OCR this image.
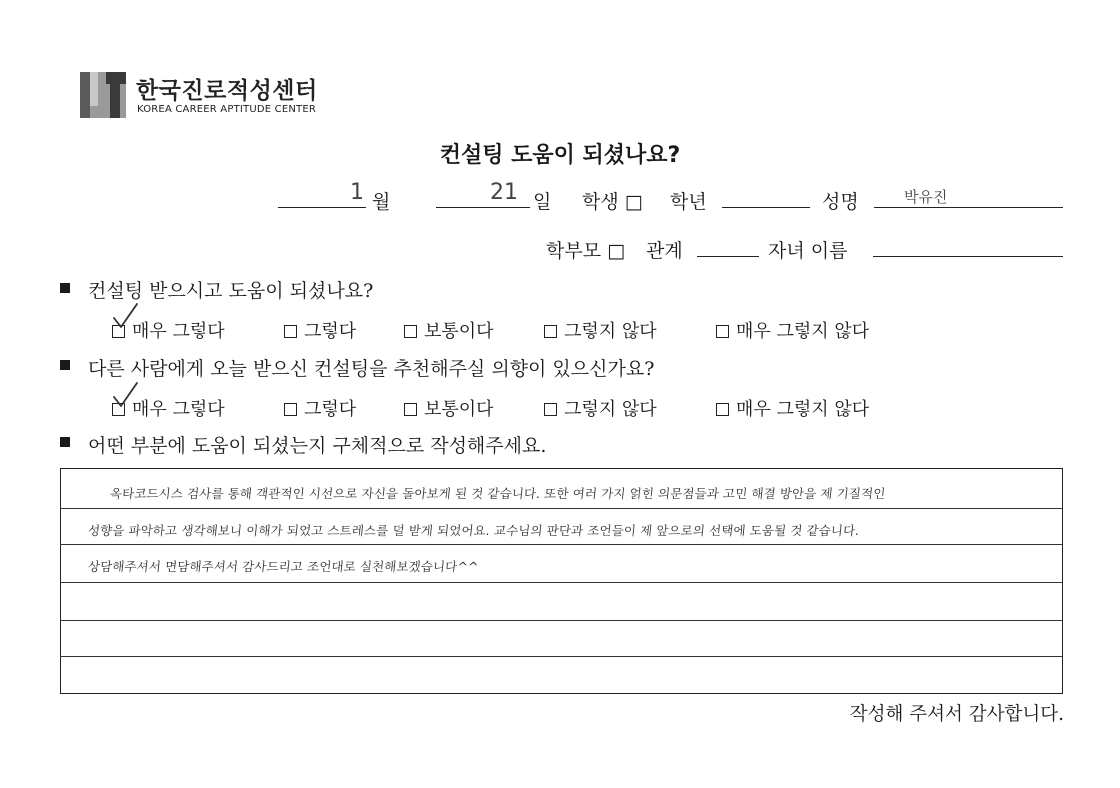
한국진로적성센터
KOREA CAREER APTITUDE CENTER
컨설팅 도움이 되셨나요?
1 월	21 일 학생 □ 학년	성명	박유진
학부모 □ 관계	자녀 이름
컨설팅 받으시고 도움이 되셨나요?
매우 그렇다	그렇다	보통이다	그렇지 않다	매우 그렇지 않다
다른 사람에게 오늘 받으신 컨설팅을 추천해주실 의향이 있으신가요?
매우 그렇다	그렇다	보통이다	그렇지 않다	매우 그렇지 않다
어떤 부분에 도움이 되셨는지 구체적으로 작성해주세요.
옥타코드시스 검사를 통해 객관적인 시선으로 자신을 돌아보게 된 것 같습니다. 또한 여러 가지 얽힌 의문점들과 고민 해결 방안을 제 기질적인
성향을 파악하고 생각해보니 이해가 되었고 스트레스를 덜 받게 되었어요. 교수님의 판단과 조언들이 제 앞으로의 선택에 도움될 것 같습니다.
상담해주셔서 면담해주셔서 감사드리고 조언대로 실천해보겠습니다^^
작성해 주셔서 감사합니다.
